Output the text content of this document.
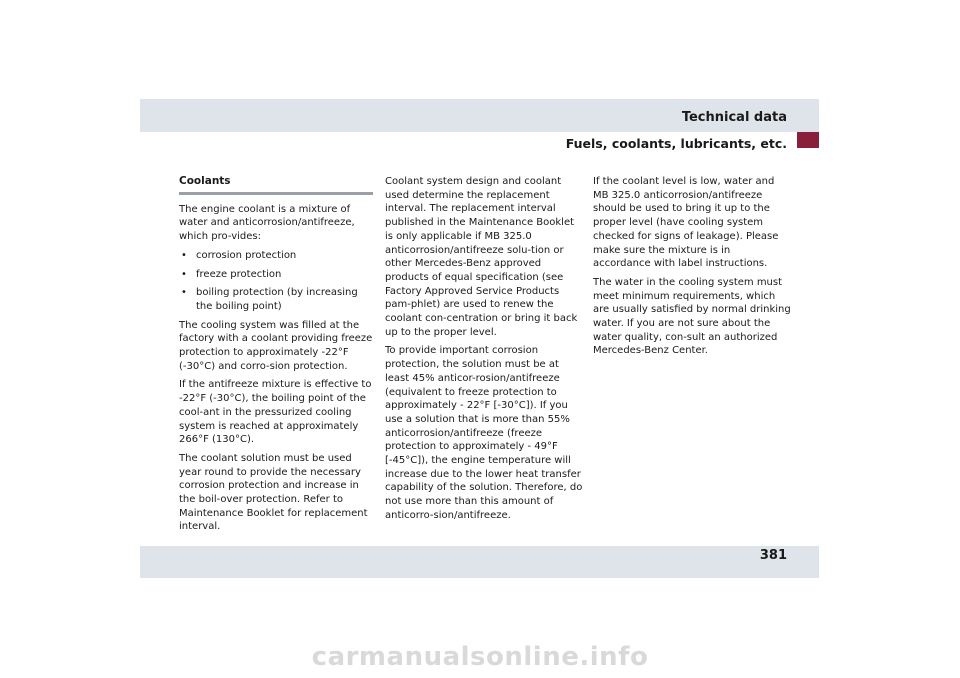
Technical data
Fuels, coolants, lubricants, etc.
Coolants

The engine coolant is a mixture of water and anticorrosion/antifreeze, which pro-vides:

• corrosion protection
• freeze protection
• boiling protection (by increasing the boiling point)

The cooling system was filled at the factory with a coolant providing freeze protection to approximately -22°F (-30°C) and corro-sion protection.

If the antifreeze mixture is effective to -22°F (-30°C), the boiling point of the cool-ant in the pressurized cooling system is reached at approximately 266°F (130°C).

The coolant solution must be used year round to provide the necessary corrosion protection and increase in the boil-over protection. Refer to Maintenance Booklet for replacement interval.

Coolant system design and coolant used determine the replacement interval. The replacement interval published in the Maintenance Booklet is only applicable if MB 325.0 anticorrosion/antifreeze solu-tion or other Mercedes-Benz approved products of equal specification (see Factory Approved Service Products pam-phlet) are used to renew the coolant con-centration or bring it back up to the proper level.

To provide important corrosion protection, the solution must be at least 45% anticor-rosion/antifreeze (equivalent to freeze protection to approximately - 22°F [-30°C]). If you use a solution that is more than 55% anticorrosion/antifreeze (freeze protection to approximately - 49°F [-45°C]), the engine temperature will increase due to the lower heat transfer capability of the solution. Therefore, do not use more than this amount of anticorro-sion/antifreeze.

If the coolant level is low, water and MB 325.0 anticorrosion/antifreeze should be used to bring it up to the proper level (have cooling system checked for signs of leakage). Please make sure the mixture is in accordance with label instructions.

The water in the cooling system must meet minimum requirements, which are usually satisfied by normal drinking water. If you are not sure about the water quality, con-sult an authorized Mercedes-Benz Center.

381
carmanualsonline.info
